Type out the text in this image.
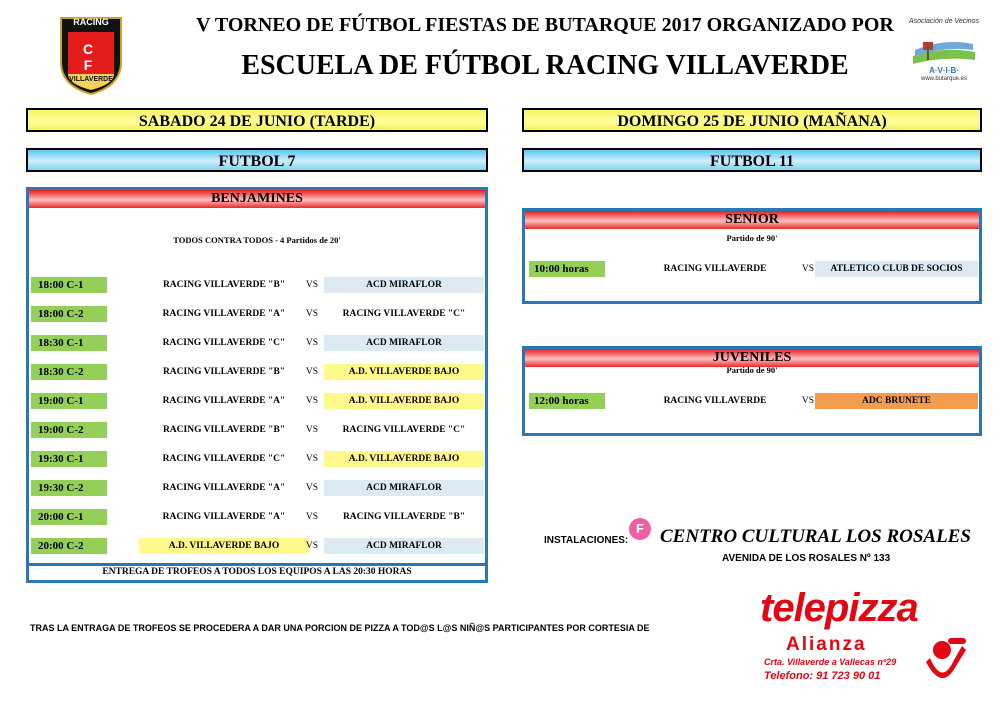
RACING
C F
VILLAVERDE
V TORNEO DE FÚTBOL FIESTAS DE BUTARQUE 2017 ORGANIZADO POR
ESCUELA DE FÚTBOL RACING VILLAVERDE
Asociación de Vecinos
A·V·I·B·
www.butarque.es
SABADO 24 DE JUNIO (TARDE)
FUTBOL 7
DOMINGO 25 DE JUNIO (MAÑANA)
FUTBOL 11
BENJAMINES
TODOS CONTRA TODOS - 4 Partidos de 20'
18:00 C-1	RACING VILLAVERDE "B"	VS	ACD MIRAFLOR
18:00 C-2	RACING VILLAVERDE "A"	VS	RACING VILLAVERDE "C"
18:30 C-1	RACING VILLAVERDE "C"	VS	ACD MIRAFLOR
18:30 C-2	RACING VILLAVERDE "B"	VS	A.D. VILLAVERDE BAJO
19:00 C-1	RACING VILLAVERDE "A"	VS	A.D. VILLAVERDE BAJO
19:00 C-2	RACING VILLAVERDE "B"	VS	RACING VILLAVERDE "C"
19:30 C-1	RACING VILLAVERDE "C"	VS	A.D. VILLAVERDE BAJO
19:30 C-2	RACING VILLAVERDE "A"	VS	ACD MIRAFLOR
20:00 C-1	RACING VILLAVERDE "A"	VS	RACING VILLAVERDE "B"
20:00 C-2	A.D. VILLAVERDE BAJO	VS	ACD MIRAFLOR
ENTREGA DE TROFEOS A TODOS LOS EQUIPOS A LAS 20:30 HORAS
SENIOR
Partido de 90'
10:00 horas	RACING VILLAVERDE	VS	ATLETICO CLUB DE SOCIOS
JUVENILES
Partido de 90'
12:00 horas	RACING VILLAVERDE	VS	ADC BRUNETE
INSTALACIONES:
F CENTRO CULTURAL LOS ROSALES
AVENIDA DE LOS ROSALES Nº 133
TRAS LA ENTRAGA DE TROFEOS SE PROCEDERA A DAR UNA PORCION DE PIZZA A TOD@S L@S NIÑ@S PARTICIPANTES POR CORTESIA DE	telepizza
Alianza
Crta. Villaverde a Vallecas nº29
Telefono: 91 723 90 01
